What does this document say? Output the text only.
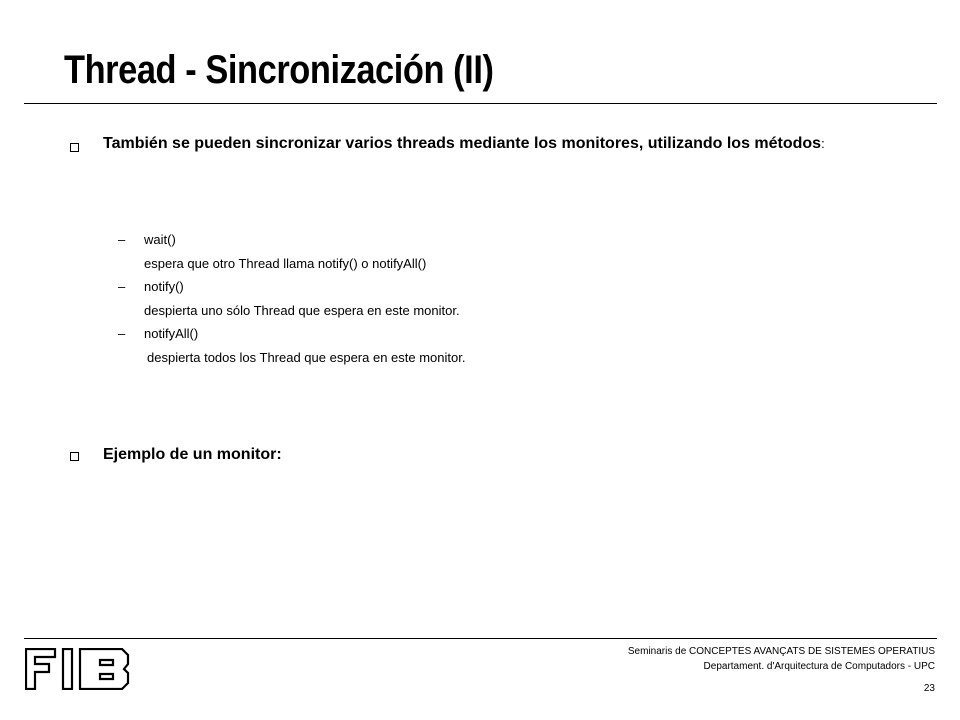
Thread - Sincronización (II)
También se pueden sincronizar varios threads mediante los monitores, utilizando los métodos:
– wait()
espera que otro Thread llama notify() o notifyAll()
– notify()
despierta uno sólo Thread que espera en este monitor.
– notifyAll()
despierta todos los Thread que espera en este monitor.
Ejemplo de un monitor:
FIB	Seminaris de CONCEPTES AVANÇATS DE SISTEMES OPERATIUS
Departament. d'Arquitectura de Computadors - UPC
23
